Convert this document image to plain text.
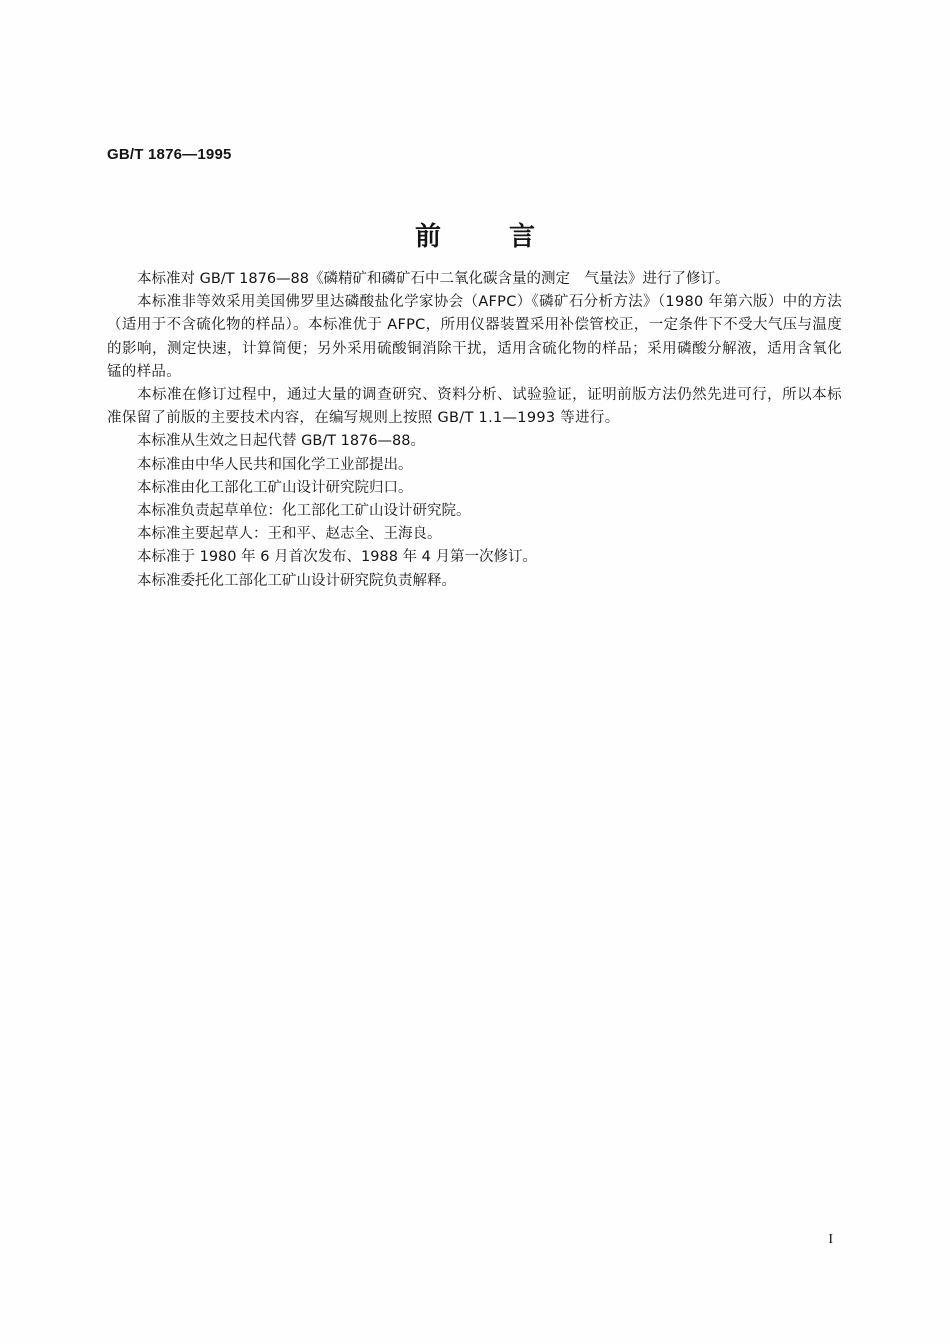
GB/T 1876—1995
前	言

本标准对 GB/T 1876—88《磷精矿和磷矿石中二氧化碳含量的测定　气量法》进行了修订。

本标准非等效采用美国佛罗里达磷酸盐化学家协会（AFPC）《磷矿石分析方法》（1980 年第六版）中的方法（适用于不含硫化物的样品）。本标准优于 AFPC，所用仪器装置采用补偿管校正，一定条件下不受大气压与温度的影响，测定快速，计算简便；另外采用硫酸铜消除干扰，适用含硫化物的样品；采用磷酸分解液，适用含氧化锰的样品。

本标准在修订过程中，通过大量的调查研究、资料分析、试验验证，证明前版方法仍然先进可行，所以本标准保留了前版的主要技术内容，在编写规则上按照 GB/T 1.1—1993 等进行。

本标准从生效之日起代替 GB/T 1876—88。

本标准由中华人民共和国化学工业部提出。

本标准由化工部化工矿山设计研究院归口。

本标准负责起草单位：化工部化工矿山设计研究院。

本标准主要起草人：王和平、赵志全、王海良。

本标准于 1980 年 6 月首次发布、1988 年 4 月第一次修订。

本标准委托化工部化工矿山设计研究院负责解释。

I
